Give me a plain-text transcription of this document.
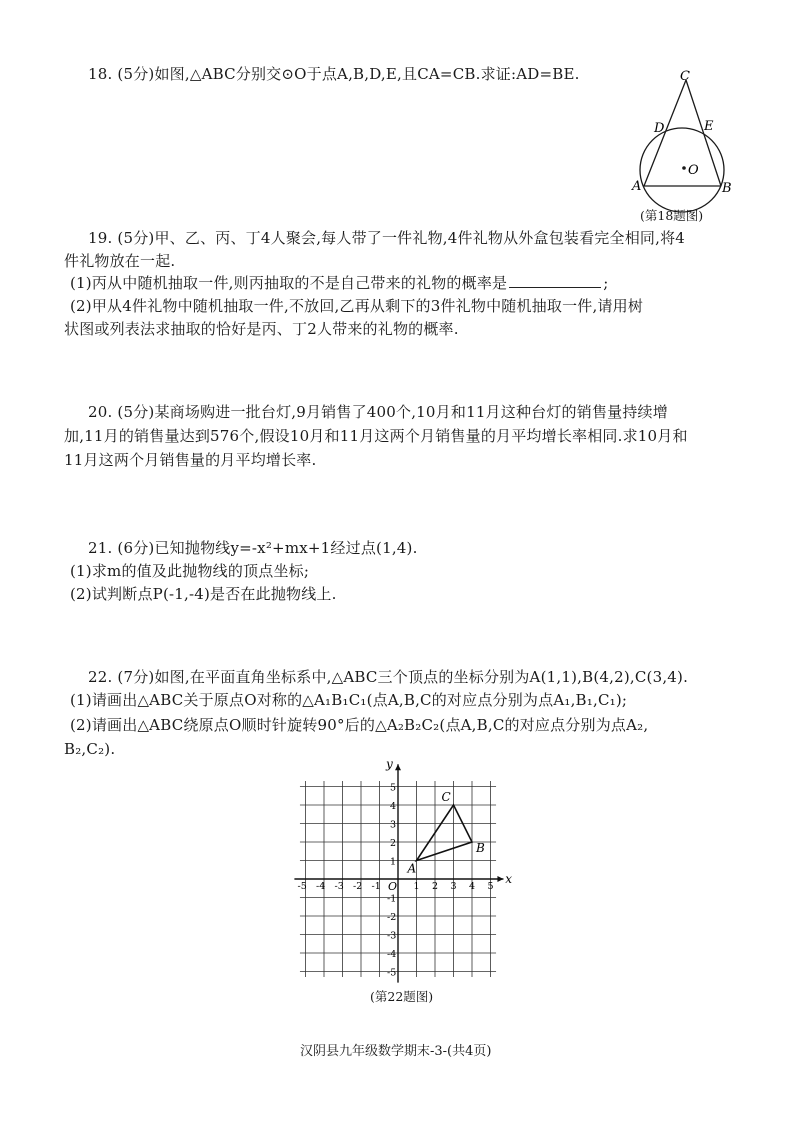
18. (5分)如图,△ABC分别交⊙O于点A,B,D,E,且CA=CB.求证:AD=BE.	C
D	E
O
A	B
(第18题图)
19. (5分)甲、乙、丙、丁4人聚会,每人带了一件礼物,4件礼物从外盒包装看完全相同,将4
件礼物放在一起.
(1)丙从中随机抽取一件,则丙抽取的不是自己带来的礼物的概率是	;
(2)甲从4件礼物中随机抽取一件,不放回,乙再从剩下的3件礼物中随机抽取一件,请用树
状图或列表法求抽取的恰好是丙、丁2人带来的礼物的概率.
20. (5分)某商场购进一批台灯,9月销售了400个,10月和11月这种台灯的销售量持续增
加,11月的销售量达到576个,假设10月和11月这两个月销售量的月平均增长率相同.求10月和
11月这两个月销售量的月平均增长率.
21. (6分)已知抛物线y=-x²+mx+1经过点(1,4).
(1)求m的值及此抛物线的顶点坐标;
(2)试判断点P(-1,-4)是否在此抛物线上.
22. (7分)如图,在平面直角坐标系中,△ABC三个顶点的坐标分别为A(1,1),B(4,2),C(3,4).
(1)请画出△ABC关于原点O对称的△A₁B₁C₁(点A,B,C的对应点分别为点A₁,B₁,C₁);
(2)请画出△ABC绕原点O顺时针旋转90°后的△A₂B₂C₂(点A,B,C的对应点分别为点A₂,
B₂,C₂).
x
y
O
-5 -4 -3 -2 -1	1 2 3 4 5
5
4
3
2
1
-1
-2
-3
-4
-5
A
B
C
(第22题图)
汉阴县九年级数学期末-3-(共4页)
